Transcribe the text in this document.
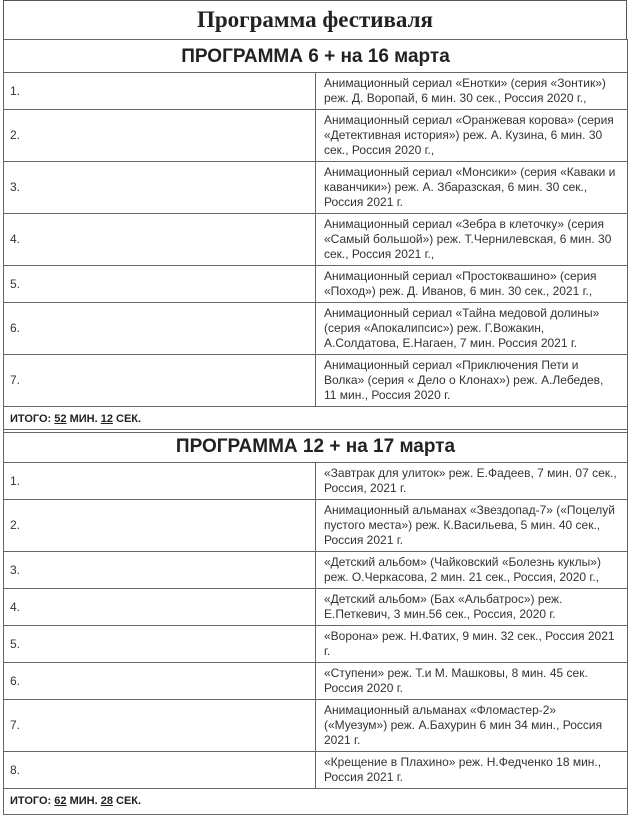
Программа фестиваля
ПРОГРАММА 6 + на 16 марта	
1.	Анимационный сериал «Енотки» (серия «Зонтик») реж. Д. Воропай, 6 мин. 30 сек., Россия 2020 г.,
2.	Анимационный сериал «Оранжевая корова» (серия «Детективная история») реж. А. Кузина, 6 мин. 30 сек., Россия 2020 г.,
3.	Анимационный сериал «Монсики» (серия «Каваки и каванчики») реж. А. Збаразская, 6 мин. 30 сек., Россия 2021 г.
4.	Анимационный сериал «Зебра в клеточку» (серия «Самый большой») реж. Т.Чернилевская, 6 мин. 30 сек., Россия 2021 г.,
5.	Анимационный сериал «Простоквашино» (серия «Поход») реж. Д. Иванов, 6 мин. 30 сек., 2021 г.,
6.	Анимационный сериал «Тайна медовой долины» (серия «Апокалипсис») реж. Г.Вожакин, А.Солдатова, Е.Нагаен, 7 мин. Россия 2021 г.
7.	Анимационный сериал «Приключения Пети и Волка» (серия « Дело о Клонах») реж. А.Лебедев, 11 мин., Россия 2020 г.
ИТОГО: 52 МИН. 12 СЕК.	
ПРОГРАММА 12 + на 17 марта	
1.	«Завтрак для улиток» реж. Е.Фадеев, 7 мин. 07 сек., Россия, 2021 г.
2.	Анимационный альманах «Звездопад-7» («Поцелуй пустого места») реж. К.Васильева, 5 мин. 40 сек., Россия 2021 г.
3.	«Детский альбом» (Чайковский «Болезнь куклы») реж. О.Черкасова, 2 мин. 21 сек., Россия, 2020 г.,
4.	«Детский альбом» (Бах «Альбатрос») реж. Е.Петкевич, 3 мин.56 сек., Россия, 2020 г.
5.	«Ворона» реж. Н.Фатих, 9 мин. 32 сек., Россия 2021 г.
6.	«Ступени» реж. Т.и М. Машковы, 8 мин. 45 сек. Россия 2020 г.
7.	Анимационный альманах «Фломастер-2» («Муезум») реж. А.Бахурин 6 мин 34 мин., Россия 2021 г.
8.	«Крещение в Плахино» реж. Н.Федченко 18 мин., Россия 2021 г.
ИТОГО: 62 МИН. 28 СЕК.	
